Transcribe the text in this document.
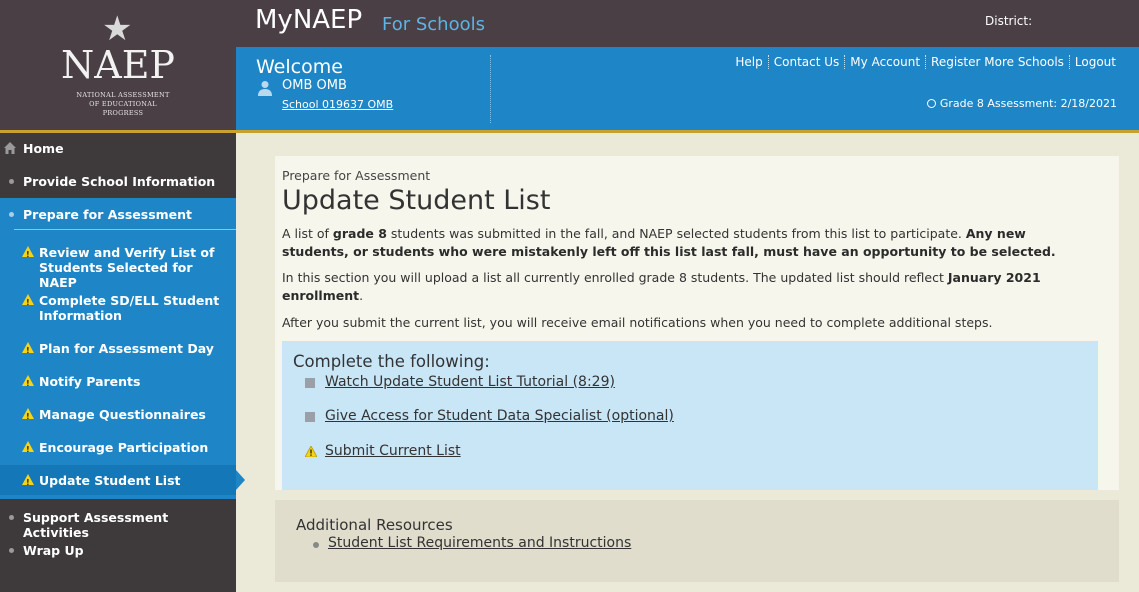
★
NAEP
NATIONAL ASSESSMENT
OF EDUCATIONAL
PROGRESS
MyNAEP For Schools	District:
Welcome
OMB OMB
School 019637 OMB
Help Contact Us My Account Register More Schools Logout
Grade 8 Assessment: 2/18/2021
Home
Provide School Information
Prepare for Assessment
!
Review and Verify List of Students Selected for NAEP
!
Complete SD/ELL Student Information
!
Plan for Assessment Day
!
Notify Parents
!
Manage Questionnaires
!
Encourage Participation
!
Update Student List
Support Assessment Activities
Wrap Up
Prepare for Assessment
Update Student List
A list of grade 8 students was submitted in the fall, and NAEP selected students from this list to participate. Any new students, or students who were mistakenly left off this list last fall, must have an opportunity to be selected.
In this section you will upload a list all currently enrolled grade 8 students. The updated list should reflect January 2021 enrollment.
After you submit the current list, you will receive email notifications when you need to complete additional steps.
Complete the following:
Watch Update Student List Tutorial (8:29)
Give Access for Student Data Specialist (optional)
Submit Current List
Additional Resources
Student List Requirements and Instructions
